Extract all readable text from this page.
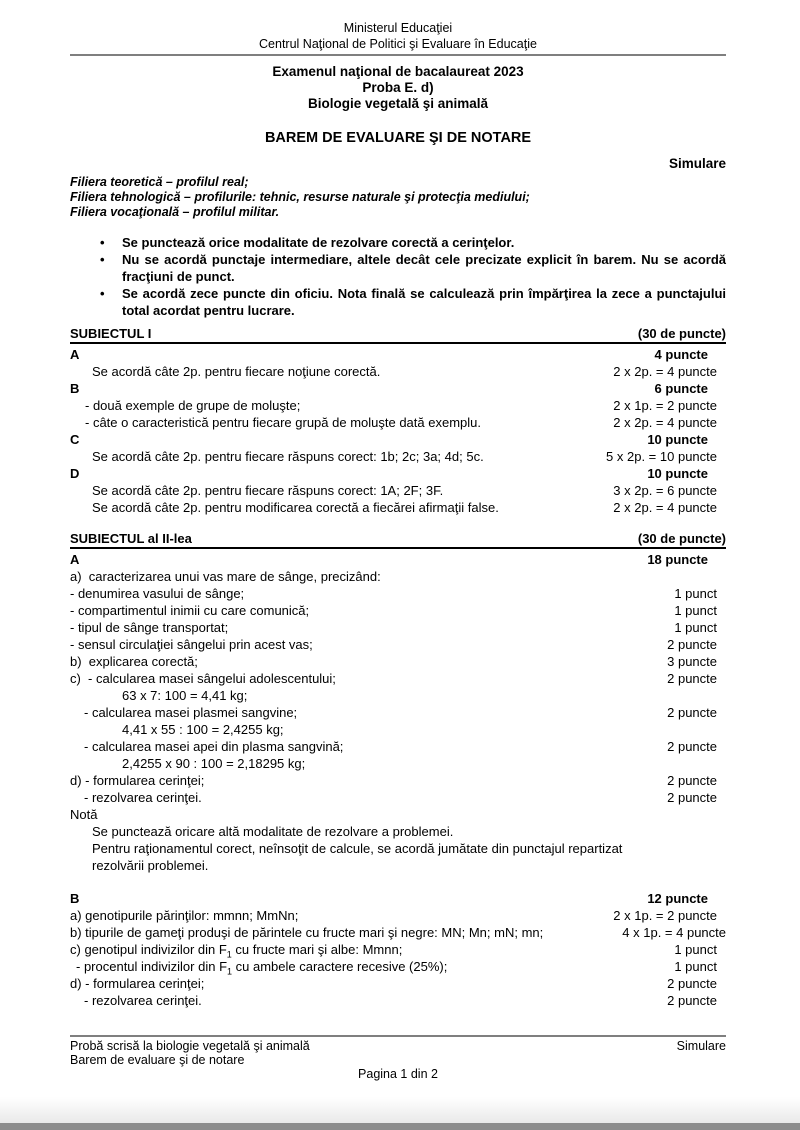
Ministerul Educaţiei
Centrul Naţional de Politici şi Evaluare în Educaţie
Examenul naţional de bacalaureat 2023
Proba E. d)
Biologie vegetală şi animală
BAREM DE EVALUARE ŞI DE NOTARE
Simulare
Filiera teoretică – profilul real;
Filiera tehnologică – profilurile: tehnic, resurse naturale şi protecţia mediului;
Filiera vocaţională – profilul militar.
• Se punctează orice modalitate de rezolvare corectă a cerinţelor.
• Nu se acordă punctaje intermediare, altele decât cele precizate explicit în barem. Nu se acordă fracţiuni de punct.
• Se acordă zece puncte din oficiu. Nota finală se calculează prin împărţirea la zece a punctajului total acordat pentru lucrare.
SUBIECTUL I	(30 de puncte)
A	4 puncte
Se acordă câte 2p. pentru fiecare noţiune corectă.	2 x 2p. = 4 puncte
B	6 puncte
- două exemple de grupe de moluşte;	2 x 1p. = 2 puncte
- câte o caracteristică pentru fiecare grupă de moluşte dată exemplu.	2 x 2p. = 4 puncte
C	10 puncte
Se acordă câte 2p. pentru fiecare răspuns corect: 1b; 2c; 3a; 4d; 5c.	5 x 2p. = 10 puncte
D	10 puncte
Se acordă câte 2p. pentru fiecare răspuns corect: 1A; 2F; 3F.	3 x 2p. = 6 puncte
Se acordă câte 2p. pentru modificarea corectă a fiecărei afirmaţii false.	2 x 2p. = 4 puncte
SUBIECTUL al II-lea	(30 de puncte)
A	18 puncte
a)  caracterizarea unui vas mare de sânge, precizând:
- denumirea vasului de sânge;	1 punct
- compartimentul inimii cu care comunică;	1 punct
- tipul de sânge transportat;	1 punct
- sensul circulaţiei sângelui prin acest vas;	2 puncte
b)  explicarea corectă;	3 puncte
c)  - calcularea masei sângelui adolescentului;	2 puncte
63 x 7: 100 = 4,41 kg;
- calcularea masei plasmei sangvine;	2 puncte
4,41 x 55 : 100 = 2,4255 kg;
- calcularea masei apei din plasma sangvină;	2 puncte
2,4255 x 90 : 100 = 2,18295 kg;
d) - formularea cerinţei;	2 puncte
- rezolvarea cerinţei.	2 puncte
Notă
Se punctează oricare altă modalitate de rezolvare a problemei.
Pentru raţionamentul corect, neînsoţit de calcule, se acordă jumătate din punctajul repartizat
rezolvării problemei.
B	12 puncte
a) genotipurile părinţilor: mmnn; MmNn;	2 x 1p. = 2 puncte
b) tipurile de gameţi produşi de părintele cu fructe mari şi negre: MN; Mn; mN; mn;	4 x 1p. = 4 puncte
c) genotipul indivizilor din $F_1$ cu fructe mari şi albe: Mmnn;	1 punct
- procentul indivizilor din $F_1$ cu ambele caractere recesive (25%);	1 punct
d) - formularea cerinţei;	2 puncte
- rezolvarea cerinţei.	2 puncte
Probă scrisă la biologie vegetală şi animală	Simulare
Barem de evaluare şi de notare
Pagina 1 din 2
